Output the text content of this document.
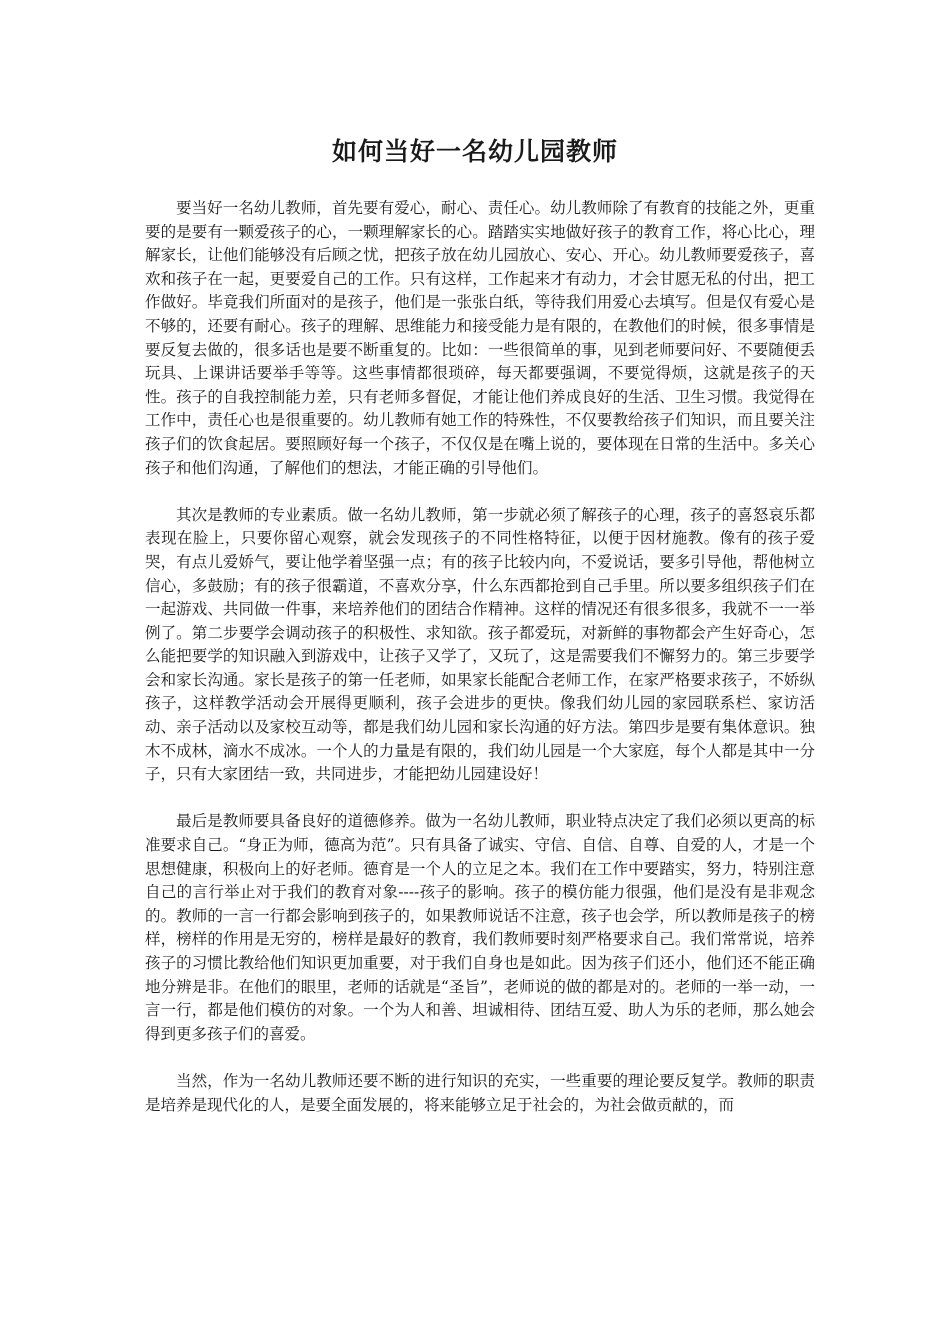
如何当好一名幼儿园教师

要当好一名幼儿教师，首先要有爱心，耐心、责任心。幼儿教师除了有教育的技能之外，更重要的是要有一颗爱孩子的心，一颗理解家长的心。踏踏实实地做好孩子的教育工作，将心比心，理解家长，让他们能够没有后顾之忧，把孩子放在幼儿园放心、安心、开心。幼儿教师要爱孩子，喜欢和孩子在一起，更要爱自己的工作。只有这样，工作起来才有动力，才会甘愿无私的付出，把工作做好。毕竟我们所面对的是孩子，他们是一张张白纸，等待我们用爱心去填写。但是仅有爱心是不够的，还要有耐心。孩子的理解、思维能力和接受能力是有限的，在教他们的时候，很多事情是要反复去做的，很多话也是要不断重复的。比如：一些很简单的事，见到老师要问好、不要随便丢玩具、上课讲话要举手等等。这些事情都很琐碎，每天都要强调，不要觉得烦，这就是孩子的天性。孩子的自我控制能力差，只有老师多督促，才能让他们养成良好的生活、卫生习惯。我觉得在工作中，责任心也是很重要的。幼儿教师有她工作的特殊性，不仅要教给孩子们知识，而且要关注孩子们的饮食起居。要照顾好每一个孩子，不仅仅是在嘴上说的，要体现在日常的生活中。多关心孩子和他们沟通，了解他们的想法，才能正确的引导他们。

其次是教师的专业素质。做一名幼儿教师，第一步就必须了解孩子的心理，孩子的喜怒哀乐都表现在脸上，只要你留心观察，就会发现孩子的不同性格特征，以便于因材施教。像有的孩子爱哭，有点儿爱娇气，要让他学着坚强一点；有的孩子比较内向，不爱说话，要多引导他，帮他树立信心，多鼓励；有的孩子很霸道，不喜欢分享，什么东西都抢到自己手里。所以要多组织孩子们在一起游戏、共同做一件事，来培养他们的团结合作精神。这样的情况还有很多很多，我就不一一举例了。第二步要学会调动孩子的积极性、求知欲。孩子都爱玩，对新鲜的事物都会产生好奇心，怎么能把要学的知识融入到游戏中，让孩子又学了，又玩了，这是需要我们不懈努力的。第三步要学会和家长沟通。家长是孩子的第一任老师，如果家长能配合老师工作，在家严格要求孩子，不娇纵孩子，这样教学活动会开展得更顺利，孩子会进步的更快。像我们幼儿园的家园联系栏、家访活动、亲子活动以及家校互动等，都是我们幼儿园和家长沟通的好方法。第四步是要有集体意识。独木不成林，滴水不成冰。一个人的力量是有限的，我们幼儿园是一个大家庭，每个人都是其中一分子，只有大家团结一致，共同进步，才能把幼儿园建设好！

最后是教师要具备良好的道德修养。做为一名幼儿教师，职业特点决定了我们必须以更高的标准要求自己。“身正为师，德高为范”。只有具备了诚实、守信、自信、自尊、自爱的人，才是一个思想健康，积极向上的好老师。德育是一个人的立足之本。我们在工作中要踏实，努力，特别注意自己的言行举止对于我们的教育对象----孩子的影响。孩子的模仿能力很强，他们是没有是非观念的。教师的一言一行都会影响到孩子的，如果教师说话不注意，孩子也会学，所以教师是孩子的榜样，榜样的作用是无穷的，榜样是最好的教育，我们教师要时刻严格要求自己。我们常常说，培养孩子的习惯比教给他们知识更加重要，对于我们自身也是如此。因为孩子们还小，他们还不能正确地分辨是非。在他们的眼里，老师的话就是“圣旨”，老师说的做的都是对的。老师的一举一动，一言一行，都是他们模仿的对象。一个为人和善、坦诚相待、团结互爱、助人为乐的老师，那么她会得到更多孩子们的喜爱。

当然，作为一名幼儿教师还要不断的进行知识的充实，一些重要的理论要反复学。教师的职责是培养是现代化的人，是要全面发展的，将来能够立足于社会的，为社会做贡献的，而
